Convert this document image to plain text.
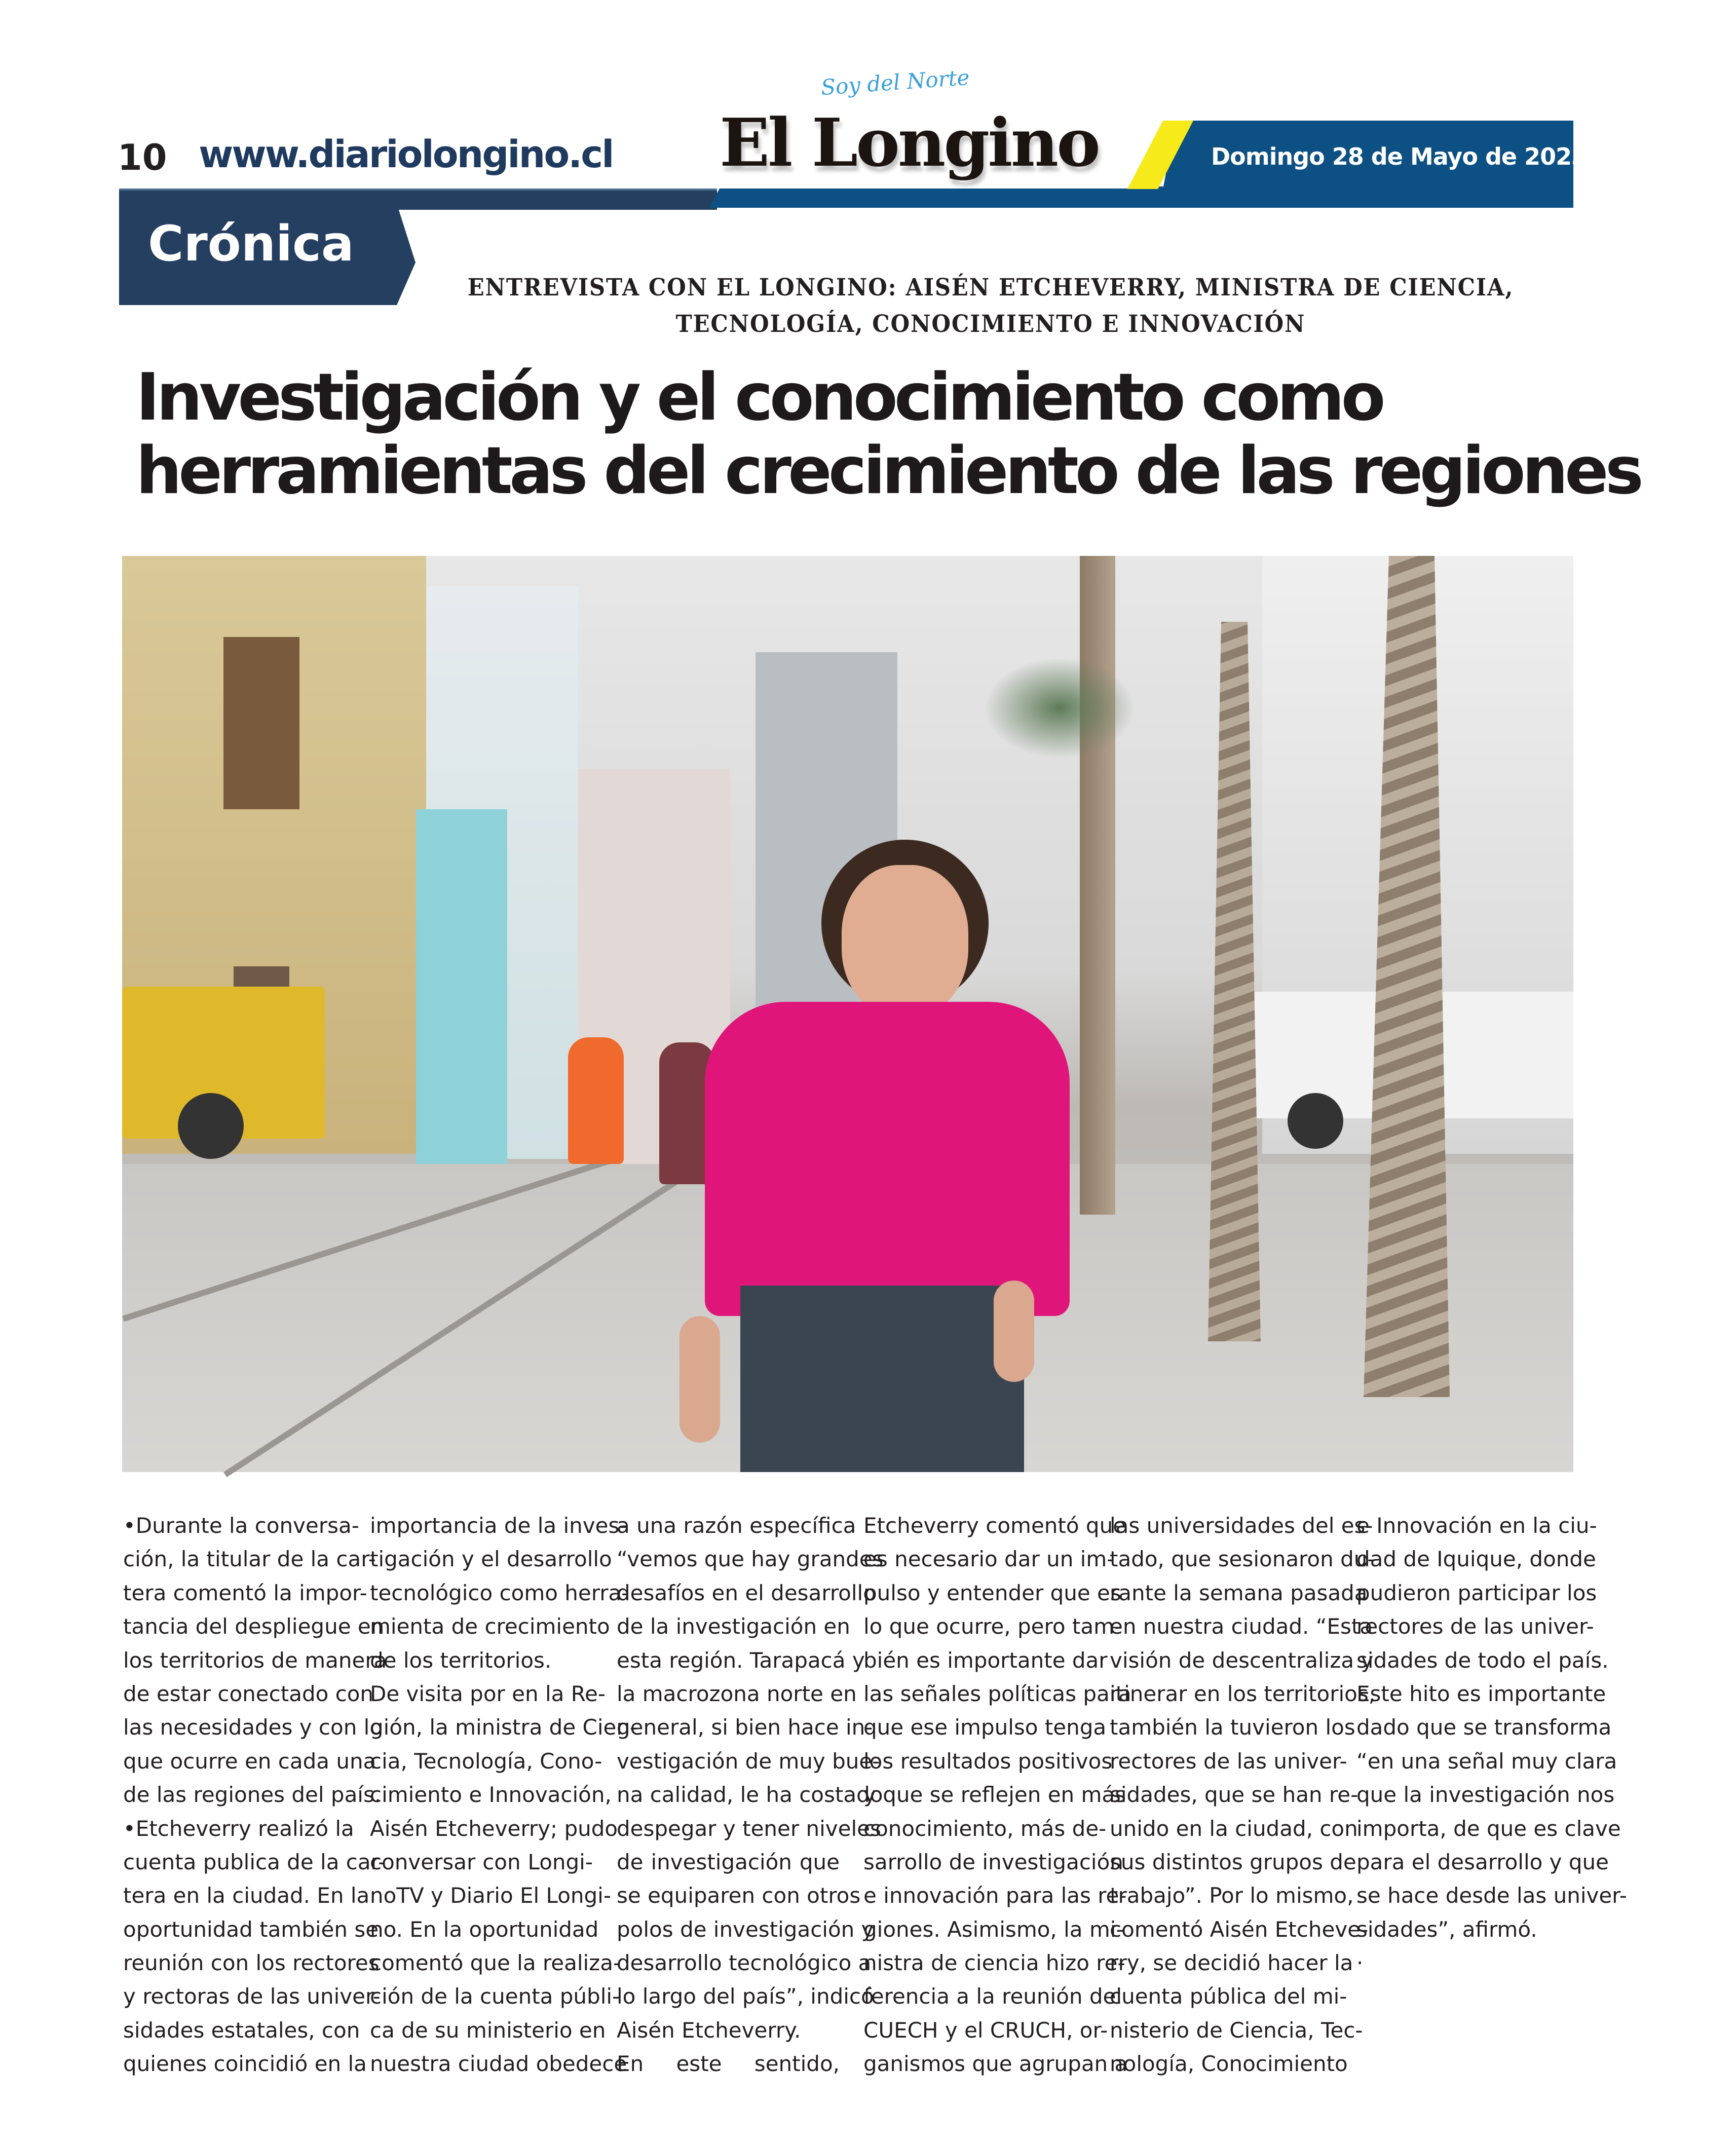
10 www.diariolongino.cl
Soy del Norte
El Longino	Domingo 28 de Mayo de 2023
Crónica
ENTREVISTA CON EL LONGINO: AISÉN ETCHEVERRY, MINISTRA DE CIENCIA,
TECNOLOGÍA, CONOCIMIENTO E INNOVACIÓN
Investigación y el conocimiento como
herramientas del crecimiento de las regiones
•Durante la conversa-
ción, la titular de la car-
tera comentó la impor-
tancia del despliegue en
los territorios de manera
de estar conectado con
las necesidades y con lo
que ocurre en cada una
de las regiones del país.
•Etcheverry realizó la
cuenta publica de la car-
tera en la ciudad. En la
oportunidad también se
reunión con los rectores
y rectoras de las univer-
sidades estatales, con
quienes coincidió en la
importancia de la inves-
tigación y el desarrollo
tecnológico como herra-
mienta de crecimiento
de los territorios.
De visita por en la Re-
gión, la ministra de Cien-
cia, Tecnología, Cono-
cimiento e Innovación,
Aisén Etcheverry; pudo
conversar con Longi-
noTV y Diario El Longi-
no. En la oportunidad
comentó que la realiza-
ción de la cuenta públi-
ca de su ministerio en
nuestra ciudad obedece
a una razón específica
“vemos que hay grandes
desafíos en el desarrollo
de la investigación en
esta región. Tarapacá y
la macrozona norte en
general, si bien hace in-
vestigación de muy bue-
na calidad, le ha costado
despegar y tener niveles
de investigación que
se equiparen con otros
polos de investigación y
desarrollo tecnológico a
lo largo del país”, indicó
Aisén Etcheverry.
En este sentido,
Etcheverry comentó que
es necesario dar un im-
pulso y entender que es
lo que ocurre, pero tam-
bién es importante dar
las señales políticas para
que ese impulso tenga
los resultados positivos
y que se reflejen en más
conocimiento, más de-
sarrollo de investigación
e innovación para las re-
giones. Asimismo, la mi-
nistra de ciencia hizo re-
ferencia a la reunión del
CUECH y el CRUCH, or-
ganismos que agrupan a
las universidades del es-
tado, que sesionaron du-
rante la semana pasada
en nuestra ciudad. “Esta
visión de descentraliza y
itinerar en los territorios,
también la tuvieron los
rectores de las univer-
sidades, que se han re-
unido en la ciudad, con
sus distintos grupos de
trabajo”. Por lo mismo,
comentó Aisén Etcheve-
rry, se decidió hacer la
cuenta pública del mi-
nisterio de Ciencia, Tec-
nología, Conocimiento
e Innovación en la ciu-
dad de Iquique, donde
pudieron participar los
rectores de las univer-
sidades de todo el país.
Este hito es importante
dado que se transforma
“en una señal muy clara
que la investigación nos
importa, de que es clave
para el desarrollo y que
se hace desde las univer-
sidades”, afirmó.
·
